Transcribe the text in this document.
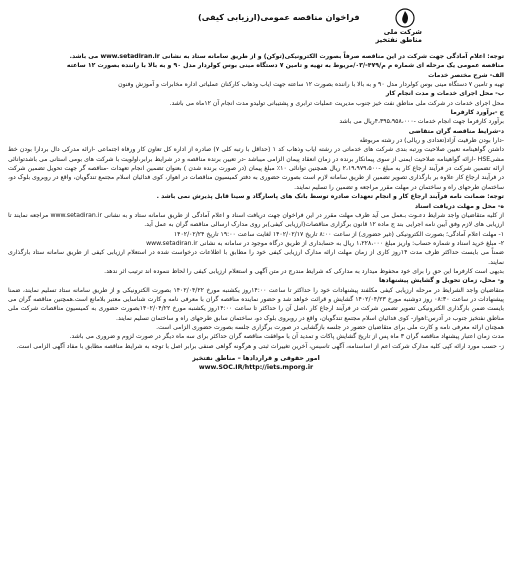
شرکت ملی
مناطق نفتخیز
فراخوان مناقصه عمومی(ارزیابی کیفی)

توجه: اعلام آمادگی جهت شرکت در این مناقصه صرفاً بصورت الکترونیکی(توکن) و از طریق سامانه ستاد به نشانی www.setadiran.ir می باشد.

مناقصه عمومی یک مرحله ای شماره م م/۴۷۹-/۰۳/مربوط به تهیه و تامین ۷ دستگاه مینی بوس کولردار مدل ۹۰ و به بالا با راننده بصورت ۱۲ ساعته

الف- شرح مختصر خدمات

تهیه و تامین ۷ دستگاه مینی بوس کولردار مدل ۹۰ و به بالا با راننده بصورت ۱۲ ساعته جهت ایاب وذهاب کارکنان عملیاتی اداره مخابرات و آموزش وفنون

ب- محل اجرای خدمات و مدت انجام کار

محل اجرای خدمات در شرکت ملی مناطق نفت خیز جنوب مدیریت عملیات ترابری و پشتیبانی تولیدو مدت انجام آن ۱۲ماه می باشد.

ج -برآورد کارفرما

برآورد کارفرما جهت انجام خدمات -۴،۳۹۵،۹۵۸،۰۰۰ریال می باشد

د-شرایط مناقصه گران متقاضی

-دارا بودن ظرفیت آزاد(تعدادی و ریالی) در رشته مربوطه

داشتن گواهینامه تعیین صلاحیت ورتبه بندی شرکت های خدماتی در رشته ایاب وذهاب کد ۱ (حداقل با رتبه کلی ۷) صادره از اداره کل تعاون کار ورفاه اجتماعی -ارائه مدرکی دال بردارا بودن خط مشیHSE -ارائه گواهینامه صلاحیت ایمنی از سوی پیمانکار برنده در زمان انعقاد پیمان الزامی میباشد -در تعیین برنده مناقصه و در شرایط برابر،اولویت با شرکت های بومی استانی می باشدتوانائی ارائه تضمین شرکت در فرآیند ارجاع کار به مبلغ -۲،۱۹،۹۷۹،۵۰۰ ریال همچنین توانائی ۱۰٪ مبلغ پیمان (در صورت برنده شدن ) بعنوان تضمین انجام تعهدات -مناقصه گر جهت تحویل تضمین شرکت در فرآیند ارجاع کار علاوه بر بارگذاری تصویر تضمین از طریق سامانه لازم است بصورت حضوری به دفتر کمیسیون مناقصات در اهواز، کوی فدائیان اسلام مجتمع تندگویان، واقع در روبروی بلوک دو، ساختمان طرحهای راه و ساختمان در مهلت مقرر مراجعه و تضمین را تسلیم نمایند.

توجه: ضمانت نامه فرآیند ارجاع کار و انجام تعهدات صادره توسط بانک های پاسارگاد و سینا قابل پذیرش نمی باشد .

ه- محل و مهلت دریافت اسناد

از کلیه متقاضیان واجد شرایط دعـوت بـعمل می آید ظرف مهلت مقرر در این فراخوان جهت دریافت اسناد و اعلام آمادگی از طریق سامانه ستاد و به نشانی www.setadiran.ir مراجعه نمایند تا ارزیابی های لازم وفق آیین نامه اجرایی بند ج ماده ۱۲ قانون برگزاری مناقصات(ارزیابی کیفی)بر روی مدارک ارسالی مناقصه گران به عمل آید.

۱- مهلت اعلام آمادگی؛ بصورت الکترونیکی (غیر حضوری) از ساعت ۸:۰۰ تاریخ ۱۴۰۲/۰۲/۱۷ لغایت ساعت ۱۹:۰۰ تاریخ ۱۴۰۲/۰۲/۲۴

۲- مبلغ خرید اسناد و شماره حساب: واریز مبلغ ۱،۲۲۸،۰۰۰ ریال به حسابداری از طریق درگاه موجود در سامانه به نشانی www.setadiran.ir

ضمناً می بایست حداکثر ظرف مدت ۱۴روز کاری از زمان مهلت ارائه مدارک ارزیابی کیفی خود را مطابق با اطلاعات درخواست شده در استعلام ارزیابی کیفی از طریق سامانه ستاد بارگذاری نمایند.

بدیهی است کارفرما این حق را برای خود محفوظ میدارد به مدارکی که شرایط مندرج در متن آگهی و استعلام ارزیابی کیفی را لحاظ ننموده اند ترتیب اثر ندهد.

و- محل، زمان تحویل و گشایش پیشنهادها

متقاضیان واجد الشرایط در مرحله ارزیابی کیفی مکلفند پیشنهادات خود را حداکثر تا ساعت ۱۴:۰۰روز یکشنبه مورخ ۱۴۰۲/۰۴/۲۲ بصورت الکترونیکی و از طریق سامانه ستاد تسلیم نمایند، ضمنا پیشنهادات در ساعت ۰۸:۳۰ روز دوشنبه مورخ ۱۴۰۲/۰۴/۲۳ گشایش و قرائت خواهد شد و حضور نماینده مناقصه گران با معرفی نامه و کارت شناسایی معتبر بلامانع است.همچنین مناقصه گران می بایست ضمن بارگذاری الکترونیکی تصویر تضمین شرکت در فرآیند ارجاع کار ،اصل آن را حداکثر تا ساعت ۱۴:۰۰روز یکشنبه مورخ ۱۴۰۲/۰۴/۲۲بصورت حضوری به کمیسیون مناقصات شرکت ملی مناطق نفتخیز جنوب در آدرس:اهواز- کوی فدائیان اسلام مجتمع تندگویان، واقع در روبروی بلوک دو، ساختمان سابق طرحهای راه و ساختمان تسلیم نمایند.

همچنان ارائه معرفی نامه و کارت ملی برای متقاضیان حضور در جلسه بازگشایی در صورت برگزاری جلسه بصورت حضوری الزامی است.

مدت زمان اعتبار پیشنهاد مناقصه گران ۳ ماه پس از تاریخ گشایش پاکات و تمدید آن با موافقت مناقصه گران حداکثر برای سه ماه دیگر در صورت لزوم و ضروری می باشد.

ز- حسب مورد ارائه کپی کلیه مدارک شرکت اعم از اساسنامه، آگهی تاسیس، آخرین تغییرات ثبتی و هرگونه گواهی صنفی برابر اصل با توجه به شرایط مناقصه مطابق با مفاد آگهی الزامی است.

امور حقوقی و قراردادها – مناطق نفتخیز
www.SOC.IR/http://iets.mporg.ir
